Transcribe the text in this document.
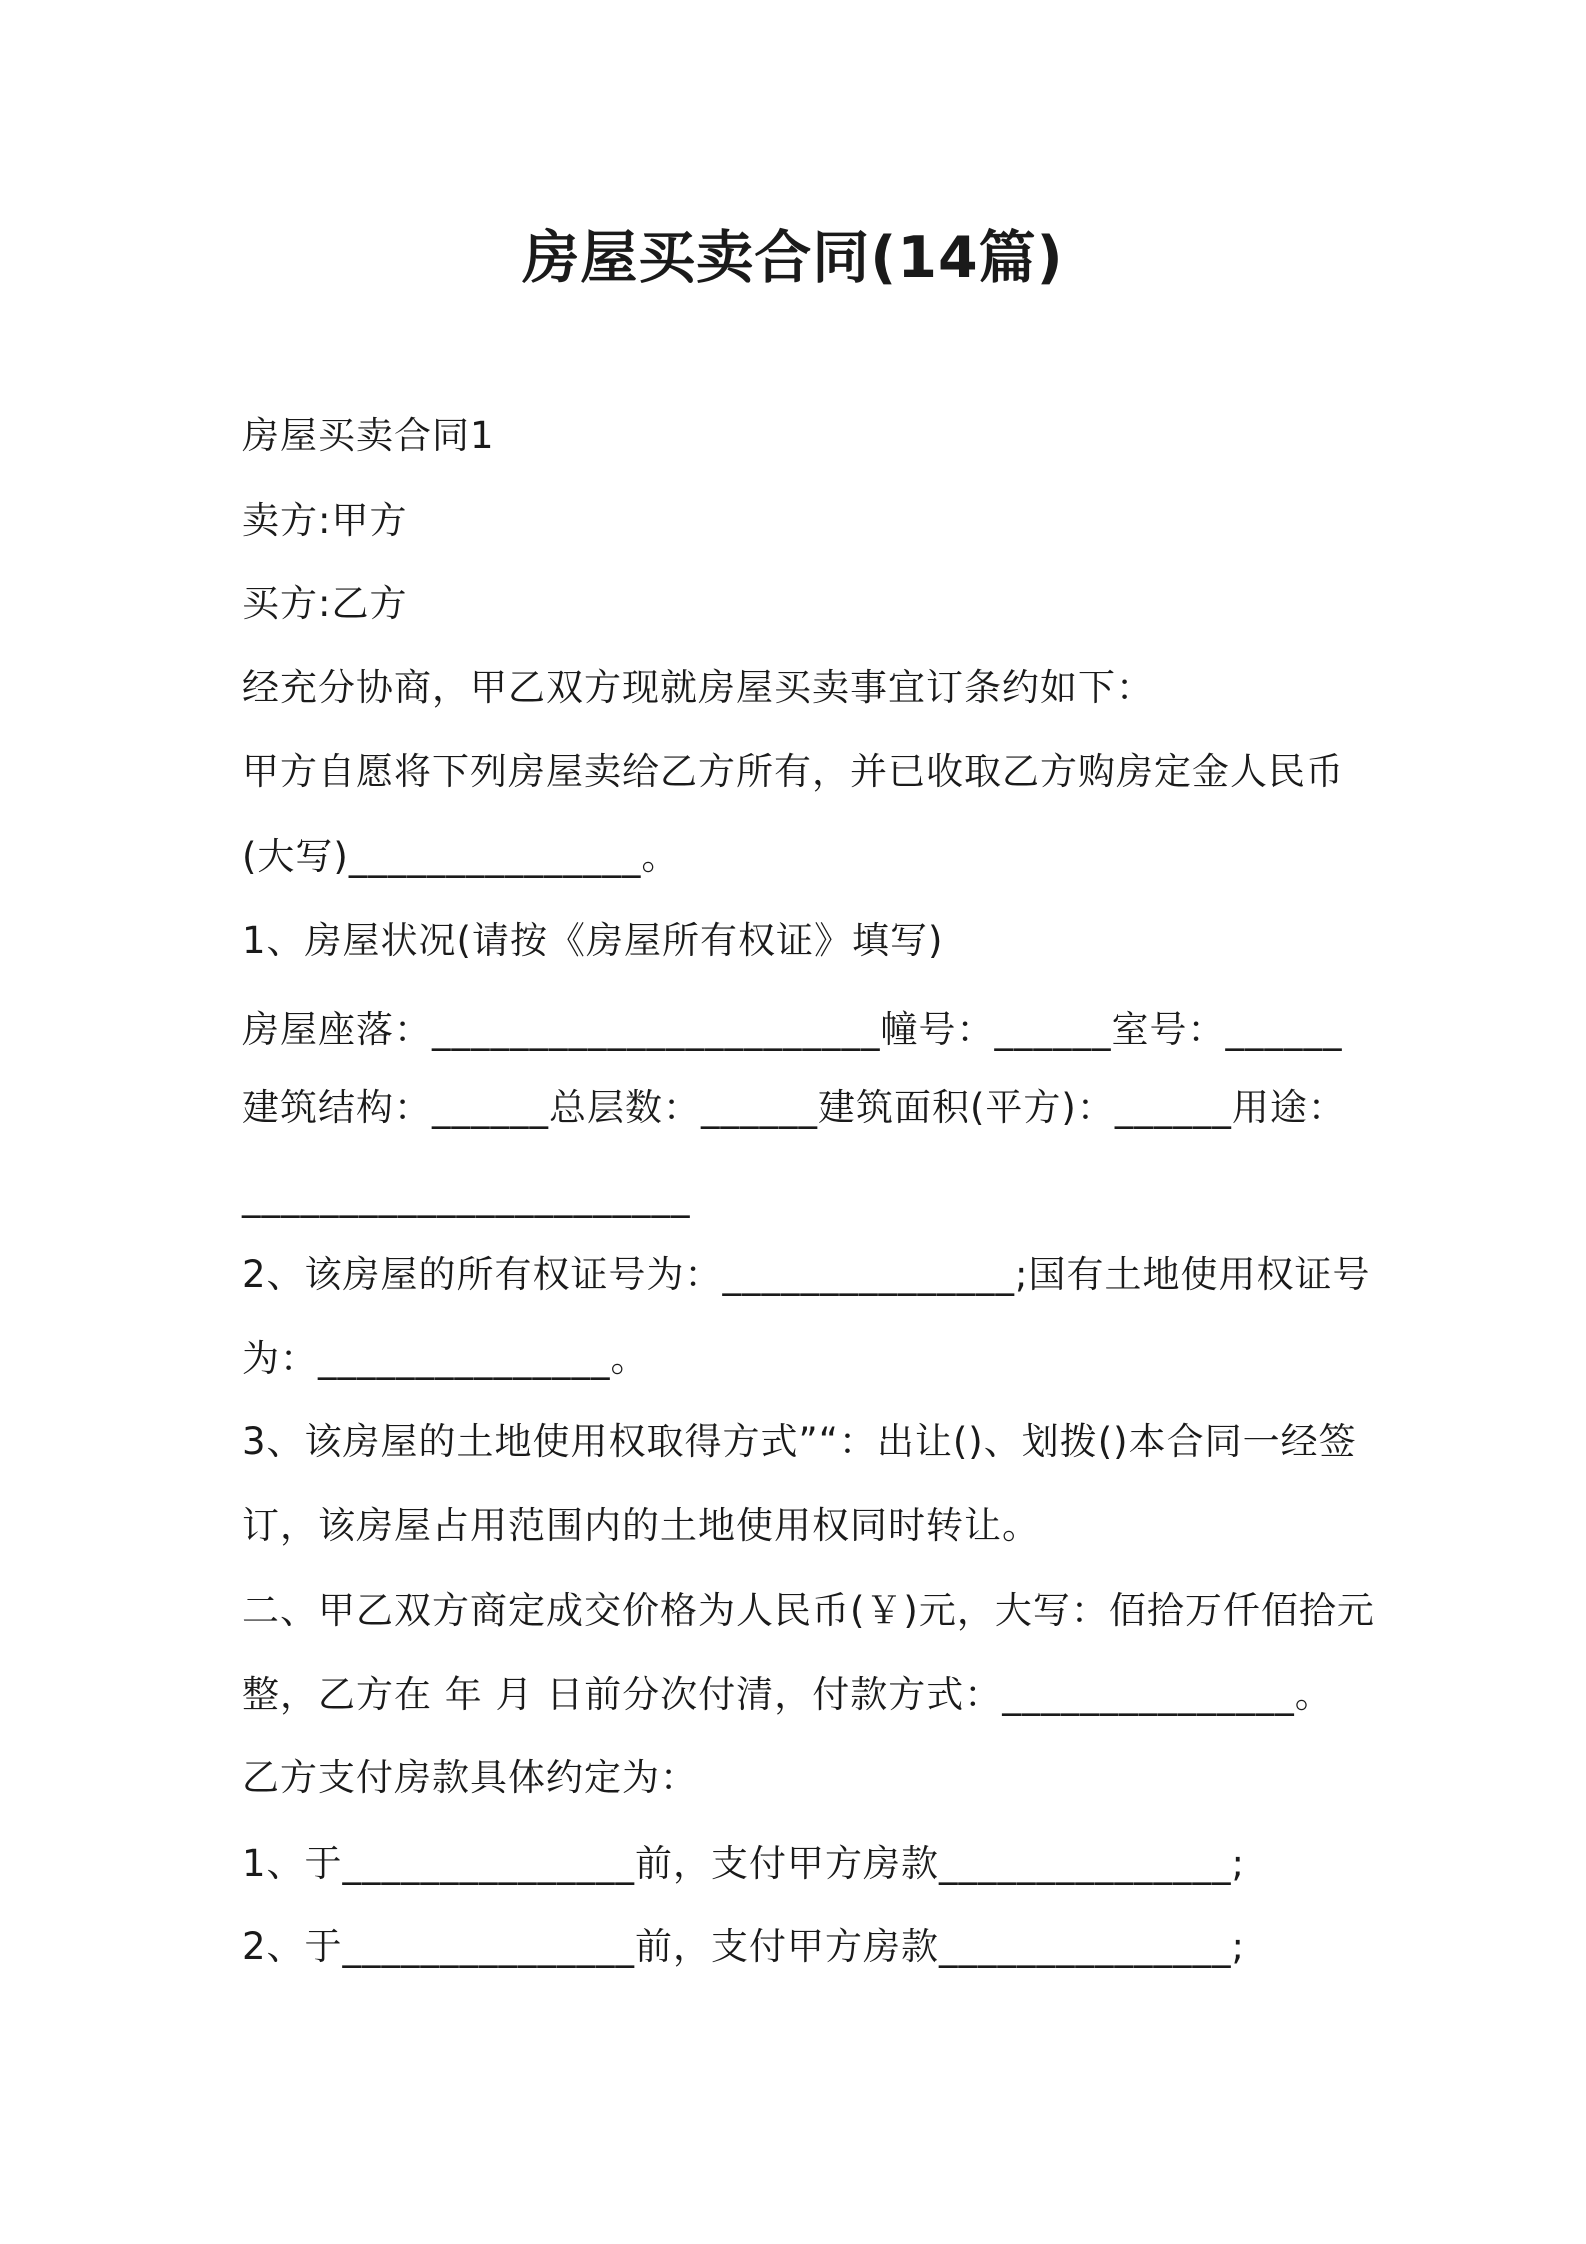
房屋买卖合同(14篇)
房屋买卖合同1
卖方:甲方
买方:乙方
经充分协商，甲乙双方现就房屋买卖事宜订条约如下：
甲方自愿将下列房屋卖给乙方所有，并已收取乙方购房定金人民币
(大写)_______________。
1、房屋状况(请按《房屋所有权证》填写)
房屋座落：_______________________幢号：______室号：______
建筑结构：______总层数：______建筑面积(平方)：______用途：
_______________________
2、该房屋的所有权证号为：_______________;国有土地使用权证号
为：_______________。
3、该房屋的土地使用权取得方式”“：出让()、划拨()本合同一经签
订，该房屋占用范围内的土地使用权同时转让。
二、甲乙双方商定成交价格为人民币(￥)元，大写：佰拾万仟佰拾元
整，乙方在 年 月 日前分次付清，付款方式：_______________。
乙方支付房款具体约定为：
1、于_______________前，支付甲方房款_______________;
2、于_______________前，支付甲方房款_______________;
